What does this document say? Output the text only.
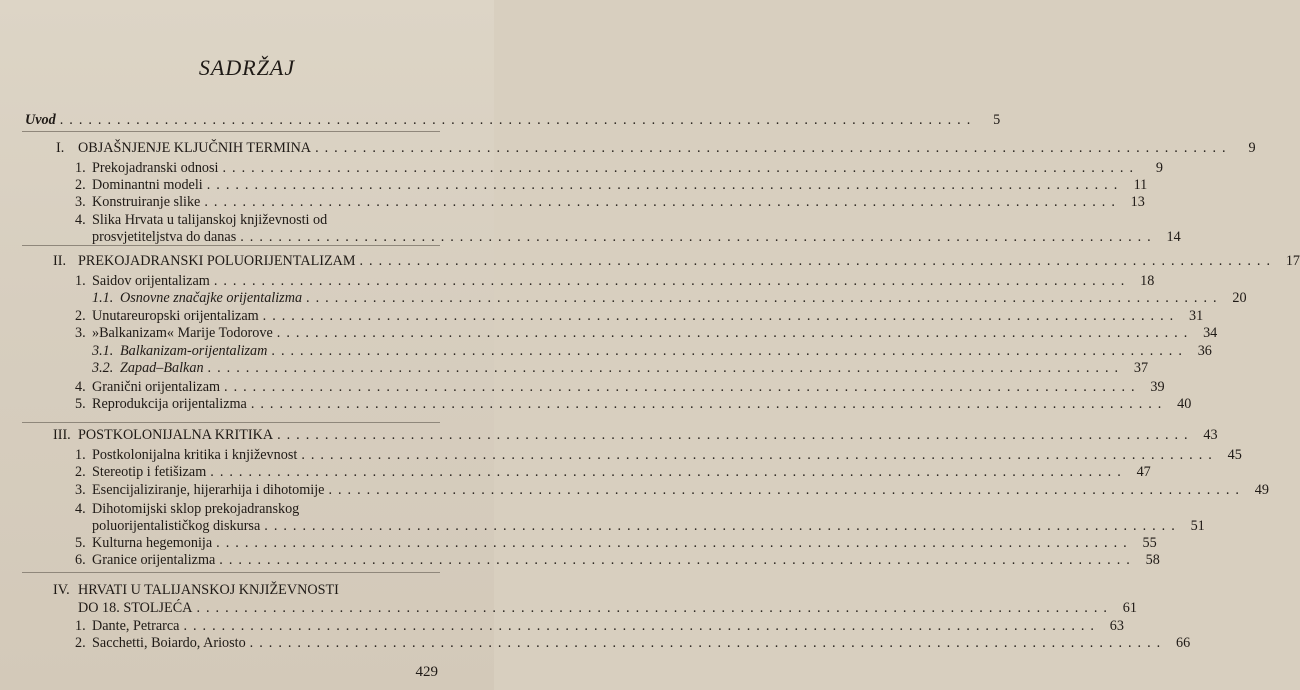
SADRŽAJ
Uvod ................................................................................................	5
I. OBJAŠNJENJE KLJUČNIH TERMINA ................................................................................................	9
1. Prekojadranski odnosi ................................................................................................	9
2. Dominantni modeli ................................................................................................ 11
3. Konstruiranje slike ................................................................................................ 13
4. Slika Hrvata u talijanskoj književnosti od
prosvjetiteljstva do danas ................................................................................................ 14
II. PREKOJADRANSKI POLUORIJENTALIZAM ................................................................................................ 17
1. Saidov orijentalizam ................................................................................................ 18
1.1. Osnovne značajke orijentalizma ................................................................................................ 20
2. Unutareuropski orijentalizam ................................................................................................ 31
3. »Balkanizam« Marije Todorove ................................................................................................ 34
3.1. Balkanizam-orijentalizam ................................................................................................ 36
3.2. Zapad–Balkan ................................................................................................ 37
4. Granični orijentalizam ................................................................................................ 39
5. Reprodukcija orijentalizma ................................................................................................ 40
III. POSTKOLONIJALNA KRITIKA ................................................................................................ 43
1. Postkolonijalna kritika i književnost ................................................................................................ 45
2. Stereotip i fetišizam ................................................................................................ 47
3. Esencijaliziranje, hijerarhija i dihotomije ................................................................................................ 49
4. Dihotomijski sklop prekojadranskog
poluorijentalističkog diskursa ................................................................................................ 51
5. Kulturna hegemonija ................................................................................................ 55
6. Granice orijentalizma ................................................................................................ 58
IV. HRVATI U TALIJANSKOJ KNJIŽEVNOSTI
DO 18. STOLJEĆA ................................................................................................ 61
1. Dante, Petrarca ................................................................................................ 63
2. Sacchetti, Boiardo, Ariosto ................................................................................................ 66
429
